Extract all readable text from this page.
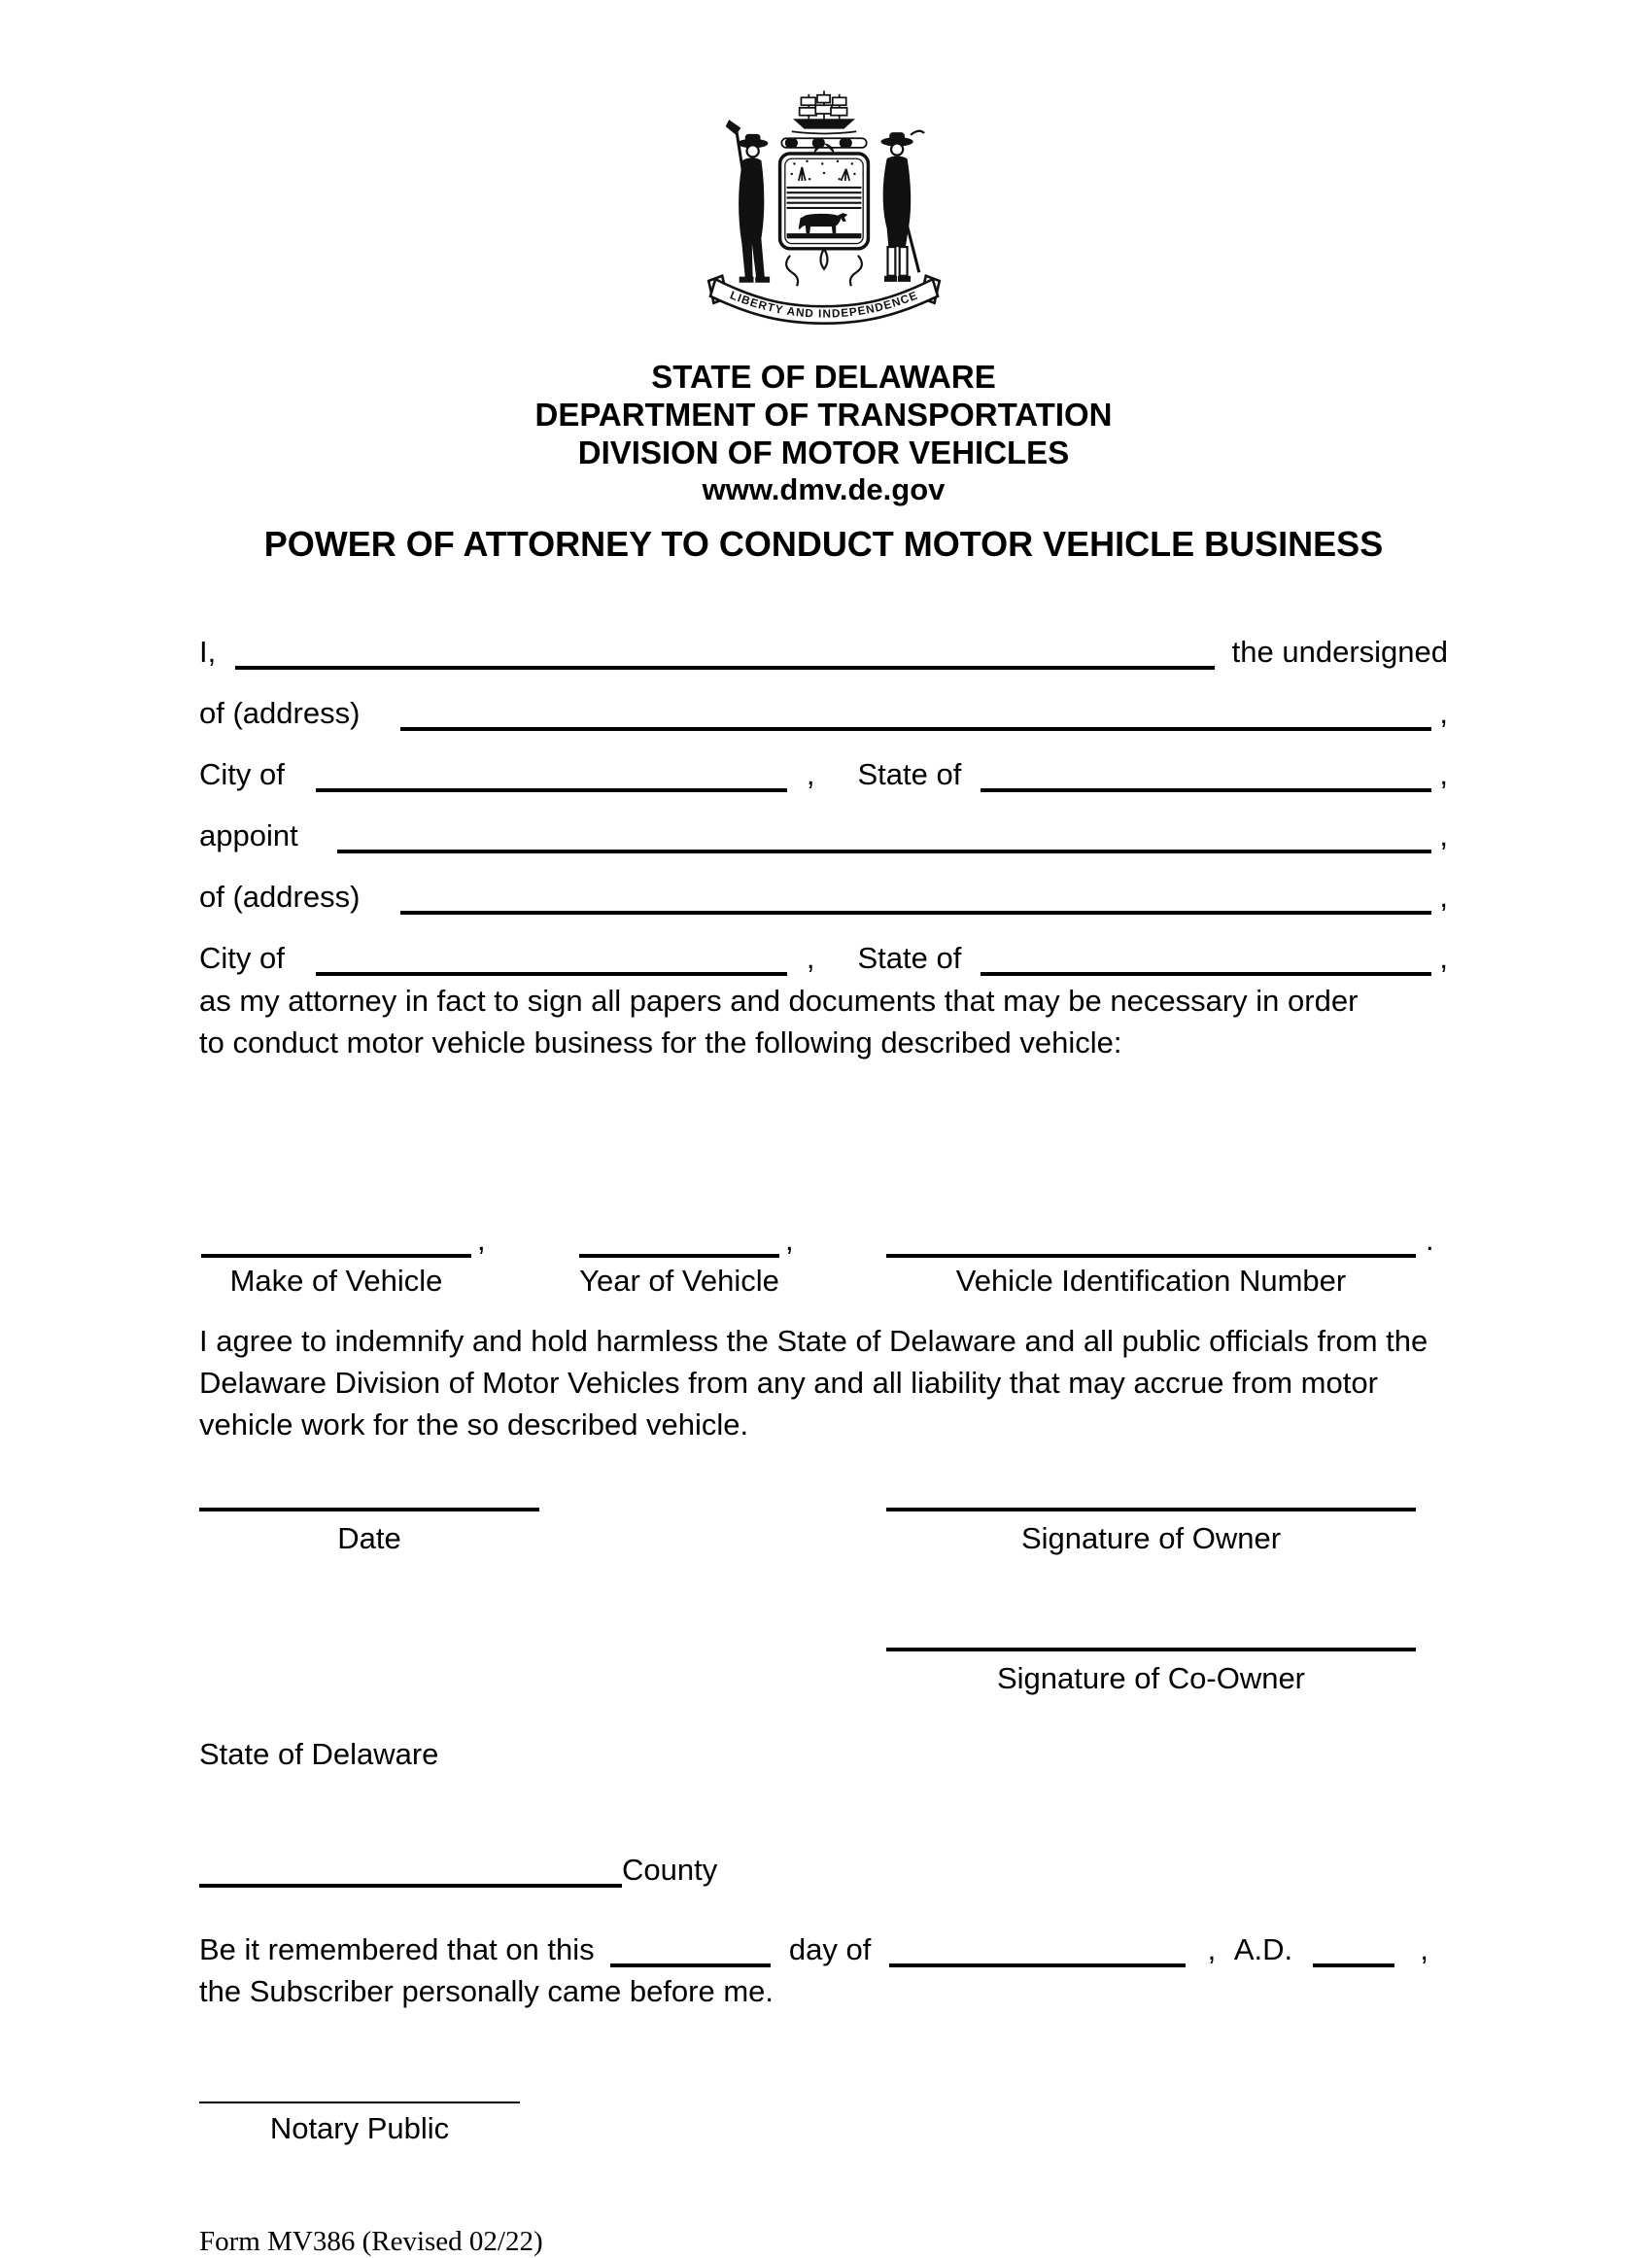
LIBERTY AND INDEPENDENCE
STATE OF DELAWARE
DEPARTMENT OF TRANSPORTATION
DIVISION OF MOTOR VEHICLES
www.dmv.de.gov
POWER OF ATTORNEY TO CONDUCT MOTOR VEHICLE BUSINESS
I,	the undersigned
of (address)	,
City of	, State of	,
appoint	,
of (address)	,
City of	, State of	,
as my attorney in fact to sign all papers and documents that may be necessary in order to conduct motor vehicle business for the following described vehicle:
,	,	.
Make of Vehicle	Year of Vehicle	Vehicle Identification Number
I agree to indemnify and hold harmless the State of Delaware and all public officials from the Delaware Division of Motor Vehicles from any and all liability that may accrue from motor vehicle work for the so described vehicle.
Date	Signature of Owner
Signature of Co-Owner
State of Delaware
County
Be it remembered that on this	day of	, A.D.	,
the Subscriber personally came before me.
Notary Public
Form MV386 (Revised 02/22)
